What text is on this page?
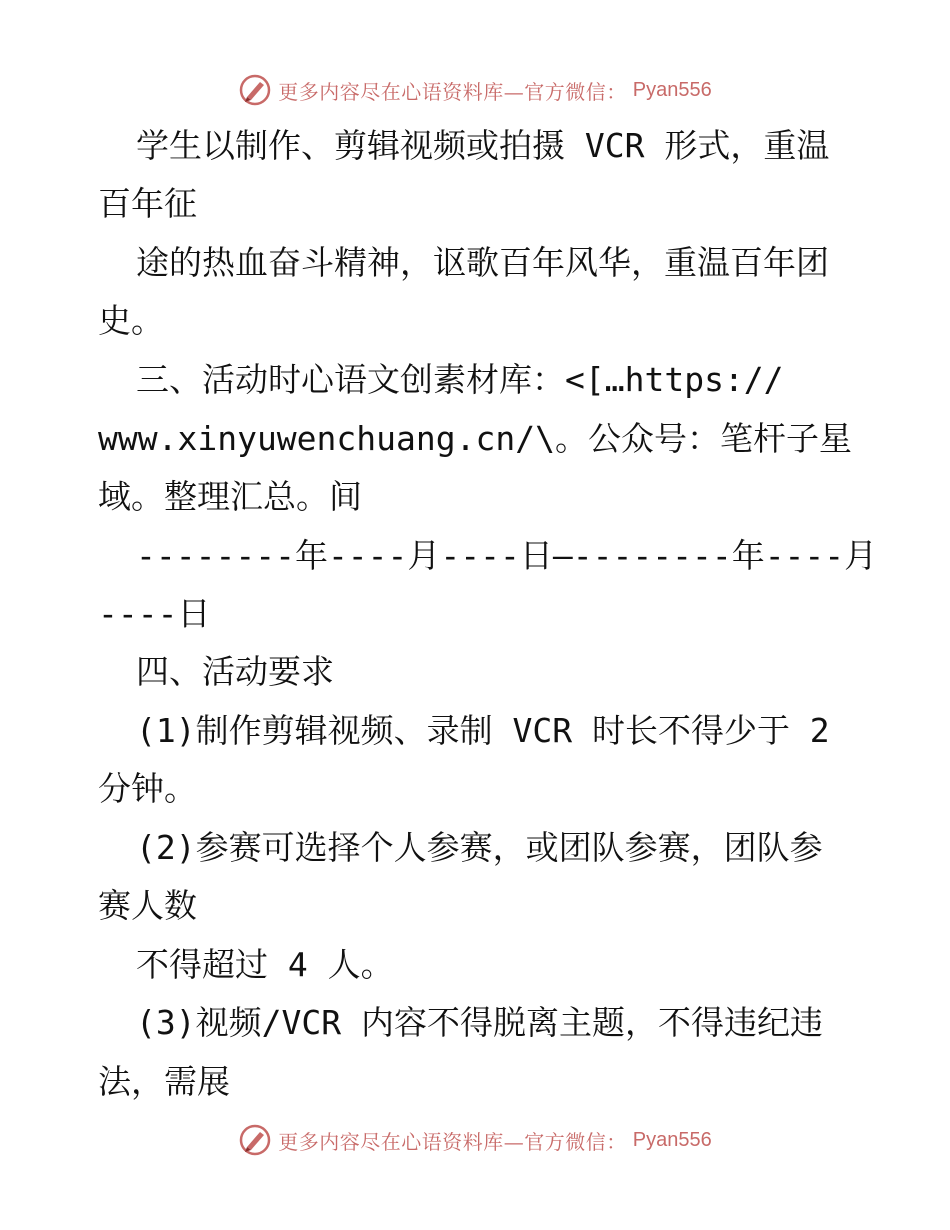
更多内容尽在心语资料库—官方微信： Pyan556
学生以制作、剪辑视频或拍摄 VCR 形式，重温
百年征
途的热血奋斗精神，讴歌百年风华，重温百年团
史。
三、活动时心语文创素材库：<[…https://
www.xinyuwenchuang.cn/\。公众号：笔杆子星
域。整理汇总。间
--------年----月----日—--------年----月
----日
四、活动要求
(1)制作剪辑视频、录制 VCR 时长不得少于 2
分钟。
(2)参赛可选择个人参赛，或团队参赛，团队参
赛人数
不得超过 4 人。
(3)视频/VCR 内容不得脱离主题，不得违纪违
法，需展
更多内容尽在心语资料库—官方微信： Pyan556
